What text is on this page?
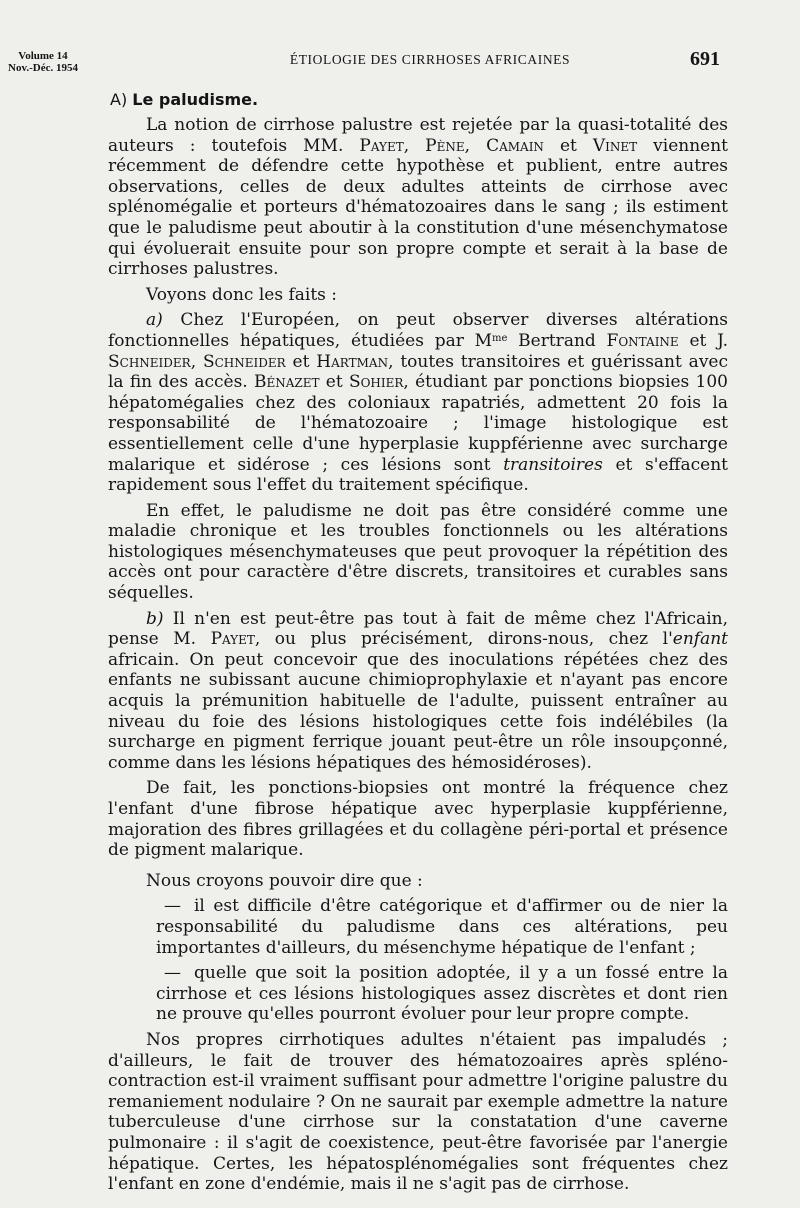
Volume 14
Nov.-Déc. 1954
ÉTIOLOGIE DES CIRRHOSES AFRICAINES	691
A) Le paludisme.

La notion de cirrhose palustre est rejetée par la quasi-totalité des auteurs : toutefois MM. Payet, Pène, Camain et Vinet viennent récemment de défendre cette hypothèse et publient, entre autres observations, celles de deux adultes atteints de cirrhose avec splénomégalie et porteurs d'hématozoaires dans le sang ; ils estiment que le paludisme peut aboutir à la constitution d'une mésenchymatose qui évoluerait ensuite pour son propre compte et serait à la base de cirrhoses palustres.

Voyons donc les faits :

a) Chez l'Européen, on peut observer diverses altérations fonctionnelles hépatiques, étudiées par $M^{me}$ Bertrand Fontaine et J. Schneider, Schneider et Hartman, toutes transitoires et guérissant avec la fin des accès. Bénazet et Sohier, étudiant par ponctions biopsies 100 hépatomégalies chez des coloniaux rapatriés, admettent 20 fois la responsabilité de l'hématozoaire ; l'image histologique est essentiellement celle d'une hyperplasie kuppférienne avec surcharge malarique et sidérose ; ces lésions sont transitoires et s'effacent rapidement sous l'effet du traitement spécifique.

En effet, le paludisme ne doit pas être considéré comme une maladie chronique et les troubles fonctionnels ou les altérations histologiques mésenchymateuses que peut provoquer la répétition des accès ont pour caractère d'être discrets, transitoires et curables sans séquelles.

b) Il n'en est peut-être pas tout à fait de même chez l'Africain, pense M. Payet, ou plus précisément, dirons-nous, chez l'enfant africain. On peut concevoir que des inoculations répétées chez des enfants ne subissant aucune chimioprophylaxie et n'ayant pas encore acquis la prémunition habituelle de l'adulte, puissent entraîner au niveau du foie des lésions histologiques cette fois indélébiles (la surcharge en pigment ferrique jouant peut-être un rôle insoupçonné, comme dans les lésions hépatiques des hémosidéroses).

De fait, les ponctions-biopsies ont montré la fréquence chez l'enfant d'une fibrose hépatique avec hyperplasie kuppférienne, majoration des fibres grillagées et du collagène péri-portal et présence de pigment malarique.

Nous croyons pouvoir dire que :

— il est difficile d'être catégorique et d'affirmer ou de nier la responsabilité du paludisme dans ces altérations, peu importantes d'ailleurs, du mésenchyme hépatique de l'enfant ;

— quelle que soit la position adoptée, il y a un fossé entre la cirrhose et ces lésions histologiques assez discrètes et dont rien ne prouve qu'elles pourront évoluer pour leur propre compte.

Nos propres cirrhotiques adultes n'étaient pas impaludés ; d'ailleurs, le fait de trouver des hématozoaires après spléno-contraction est-il vraiment suffisant pour admettre l'origine palustre du remaniement nodulaire ? On ne saurait par exemple admettre la nature tuberculeuse d'une cirrhose sur la constatation d'une caverne pulmonaire : il s'agit de coexistence, peut-être favorisée par l'anergie hépatique. Certes, les hépatosplénomégalies sont fréquentes chez l'enfant en zone d'endémie, mais il ne s'agit pas de cirrhose.
